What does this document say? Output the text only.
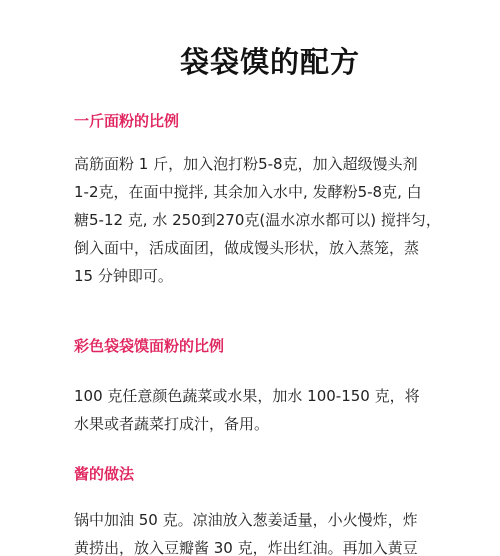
袋袋馍的配方
一斤面粉的比例
高筋面粉 1 斤，加入泡打粉5-8克，加入超级馒头剂
1-2克，在面中搅拌, 其余加入水中, 发酵粉5-8克, 白
糖5-12 克, 水 250到270克(温水凉水都可以) 搅拌匀，
倒入面中，活成面团，做成馒头形状，放入蒸笼，蒸
15 分钟即可。
彩色袋袋馍面粉的比例
100 克任意颜色蔬菜或水果，加水 100-150 克，将
水果或者蔬菜打成汁，备用。
酱的做法
锅中加油 50 克。凉油放入葱姜适量，小火慢炸，炸
黄捞出，放入豆瓣酱 30 克，炸出红油。再加入黄豆
